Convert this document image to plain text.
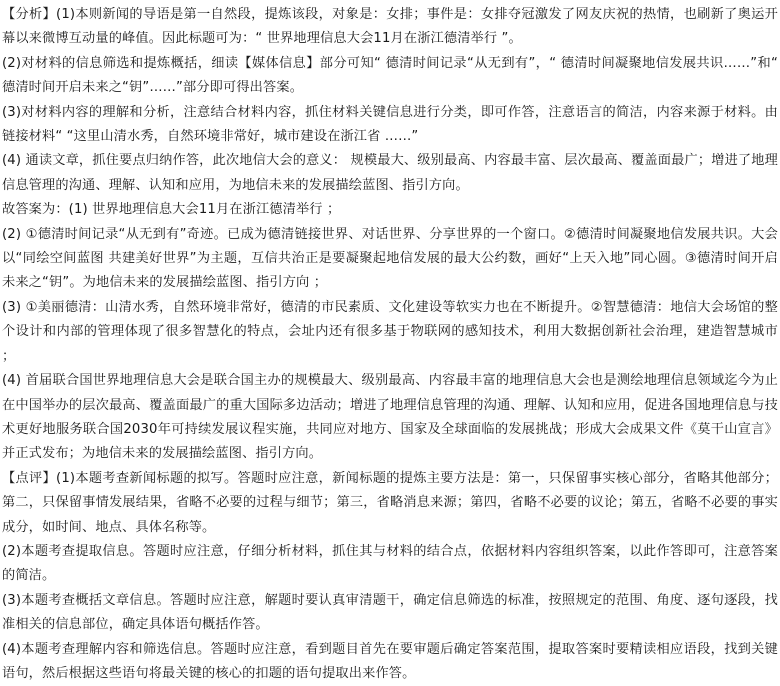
【分析】(1)本则新闻的导语是第一自然段，提炼该段，对象是：女排；事件是：女排夺冠激发了网友庆祝的热情，也刷新了奥运开幕以来微博互动量的峰值。因此标题可为：“ 世界地理信息大会11月在浙江德清举行 ”。

(2)对材料的信息筛选和提炼概括，细读【媒体信息】部分可知“ 德清时间记录“从无到有”，“ 德清时间凝聚地信发展共识……”和“ 德清时间开启未来之“钥”……”部分即可得出答案。

(3)对材料内容的理解和分析，注意结合材料内容，抓住材料关键信息进行分类，即可作答，注意语言的简洁，内容来源于材料。由链接材料“ “这里山清水秀，自然环境非常好，城市建设在浙江省 ……”

(4) 通读文章，抓住要点归纳作答，此次地信大会的意义： 规模最大、级别最高、内容最丰富、层次最高、覆盖面最广；增进了地理信息管理的沟通、理解、认知和应用，为地信未来的发展描绘蓝图、指引方向。

故答案为：(1) 世界地理信息大会11月在浙江德清举行 ；

(2) ①德清时间记录“从无到有”奇迹。已成为德清链接世界、对话世界、分享世界的一个窗口。②德清时间凝聚地信发展共识。大会以“同绘空间蓝图 共建美好世界”为主题，互信共治正是要凝聚起地信发展的最大公约数，画好“上天入地”同心圆。③德清时间开启未来之“钥”。为地信未来的发展描绘蓝图、指引方向 ；

(3) ①美丽德清：山清水秀，自然环境非常好，德清的市民素质、文化建设等软实力也在不断提升。②智慧德清：地信大会场馆的整个设计和内部的管理体现了很多智慧化的特点，会址内还有很多基于物联网的感知技术，利用大数据创新社会治理，建造智慧城市 ；

(4) 首届联合国世界地理信息大会是联合国主办的规模最大、级别最高、内容最丰富的地理信息大会也是测绘地理信息领域迄今为止在中国举办的层次最高、覆盖面最广的重大国际多边活动；增进了地理信息管理的沟通、理解、认知和应用，促进各国地理信息与技术更好地服务联合国2030年可持续发展议程实施，共同应对地方、国家及全球面临的发展挑战；形成大会成果文件《莫干山宣言》并正式发布；为地信未来的发展描绘蓝图、指引方向。

【点评】(1)本题考查新闻标题的拟写。答题时应注意，新闻标题的提炼主要方法是：第一，只保留事实核心部分，省略其他部分；第二，只保留事情发展结果，省略不必要的过程与细节；第三，省略消息来源；第四，省略不必要的议论；第五，省略不必要的事实成分，如时间、地点、具体名称等。

(2)本题考查提取信息。答题时应注意，仔细分析材料，抓住其与材料的结合点，依据材料内容组织答案，以此作答即可，注意答案的简洁。

(3)本题考查概括文章信息。答题时应注意，解题时要认真审清题干，确定信息筛选的标准，按照规定的范围、角度、逐句逐段，找准相关的信息部位，确定具体语句概括作答。

(4)本题考查理解内容和筛选信息。答题时应注意，看到题目首先在要审题后确定答案范围，提取答案时要精读相应语段，找到关键语句，然后根据这些语句将最关键的核心的扣题的语句提取出来作答。
